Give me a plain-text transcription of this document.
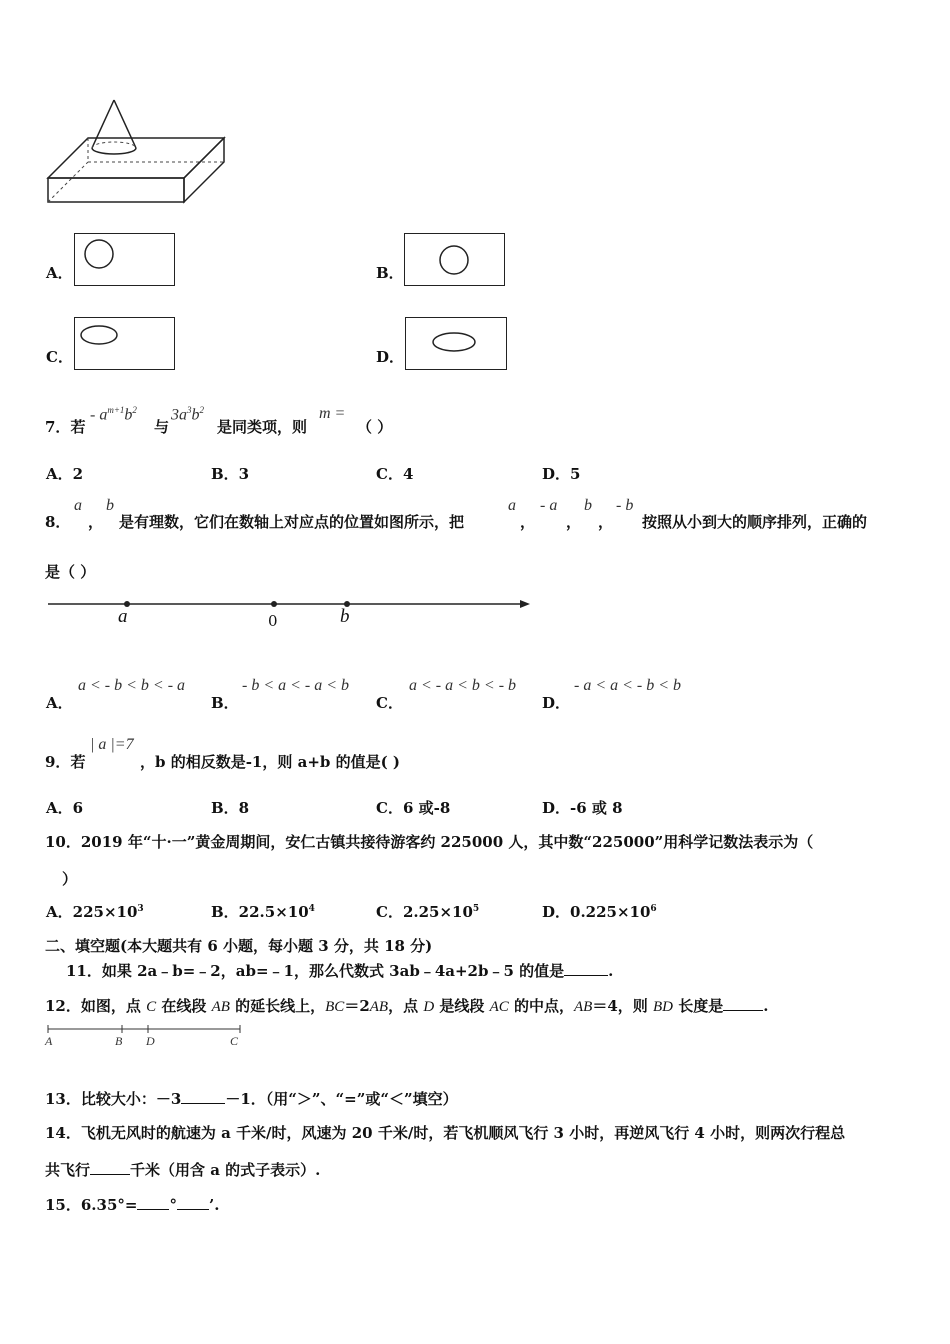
A．	B．
C．	D．
7．若
- $a^{m+1}b^2$
与
$3a^3b^2$
是同类项，则
m =
（ ）
A．2	B．3	C．4	D．5
8．
a
，
b
是有理数，它们在数轴上对应点的位置如图所示，把
a
，
- a
，
b
，
- b
按照从小到大的顺序排列，正确的
是（ ）
a	0	b
A．
a < - b < b < - a
B．
- b < a < - a < b
C．
a < - a < b < - b
D．
- a < a < - b < b
9．若
| a |=7
，b 的相反数是-1，则 a+b 的值是( )
A．6	B．8	C．6 或-8	D．-6 或 8
10．2019 年“十·一”黄金周期间，安仁古镇共接待游客约 225000 人，其中数“225000”用科学记数法表示为（
）
A．$225\times 10^3$	B．$22.5\times 10^4$	C．$2.25\times 10^5$	D．$0.225\times 10^6$
二、填空题(本大题共有 6 小题，每小题 3 分，共 18 分)
11．如果 2a﹣b=﹣2，ab=﹣1，那么代数式 3ab﹣4a+2b﹣5 的值是	.
12．如图，点 C 在线段 AB 的延长线上，BC＝2AB，点 D 是线段 AC 的中点，AB＝4，则 BD 长度是	.
A	B D	C
13．比较大小：－3	－1．（用“＞”、“=”或“＜”填空）
14．飞机无风时的航速为 a 千米/时，风速为 20 千米/时，若飞机顺风飞行 3 小时，再逆风飞行 4 小时，则两次行程总
共飞行	千米（用含 a 的式子表示）.
15．6.35°= ° ’.
